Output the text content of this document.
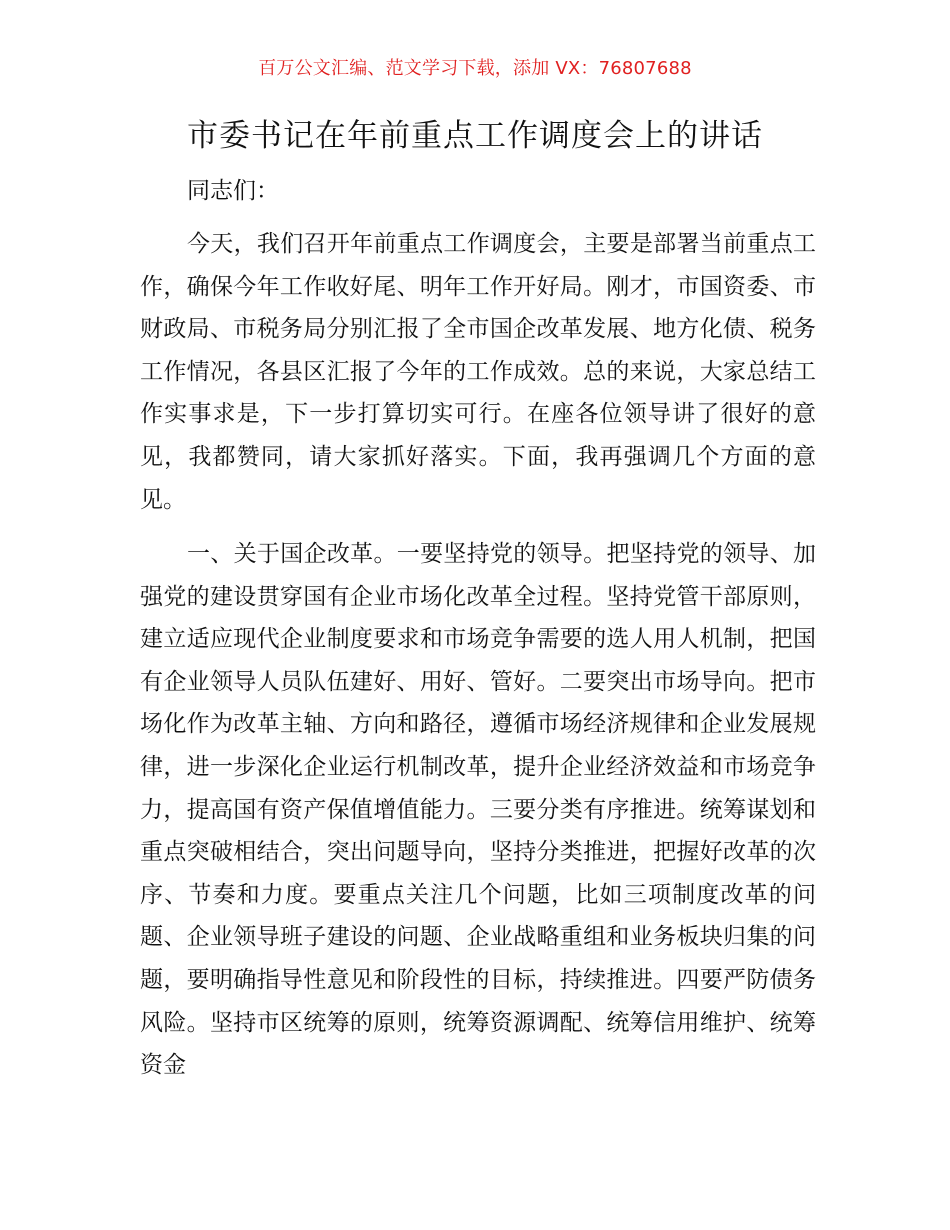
百万公文汇编、范文学习下载，添加 VX：76807688
市委书记在年前重点工作调度会上的讲话
同志们：

今天，我们召开年前重点工作调度会，主要是部署当前重点工作，确保今年工作收好尾、明年工作开好局。刚才，市国资委、市财政局、市税务局分别汇报了全市国企改革发展、地方化债、税务工作情况，各县区汇报了今年的工作成效。总的来说，大家总结工作实事求是，下一步打算切实可行。在座各位领导讲了很好的意见，我都赞同，请大家抓好落实。下面，我再强调几个方面的意见。

一、关于国企改革。一要坚持党的领导。把坚持党的领导、加强党的建设贯穿国有企业市场化改革全过程。坚持党管干部原则，建立适应现代企业制度要求和市场竞争需要的选人用人机制，把国有企业领导人员队伍建好、用好、管好。二要突出市场导向。把市场化作为改革主轴、方向和路径，遵循市场经济规律和企业发展规律，进一步深化企业运行机制改革，提升企业经济效益和市场竞争力，提高国有资产保值增值能力。三要分类有序推进。统筹谋划和重点突破相结合，突出问题导向，坚持分类推进，把握好改革的次序、节奏和力度。要重点关注几个问题，比如三项制度改革的问题、企业领导班子建设的问题、企业战略重组和业务板块归集的问题，要明确指导性意见和阶段性的目标，持续推进。四要严防债务风险。坚持市区统筹的原则，统筹资源调配、统筹信用维护、统筹资金
